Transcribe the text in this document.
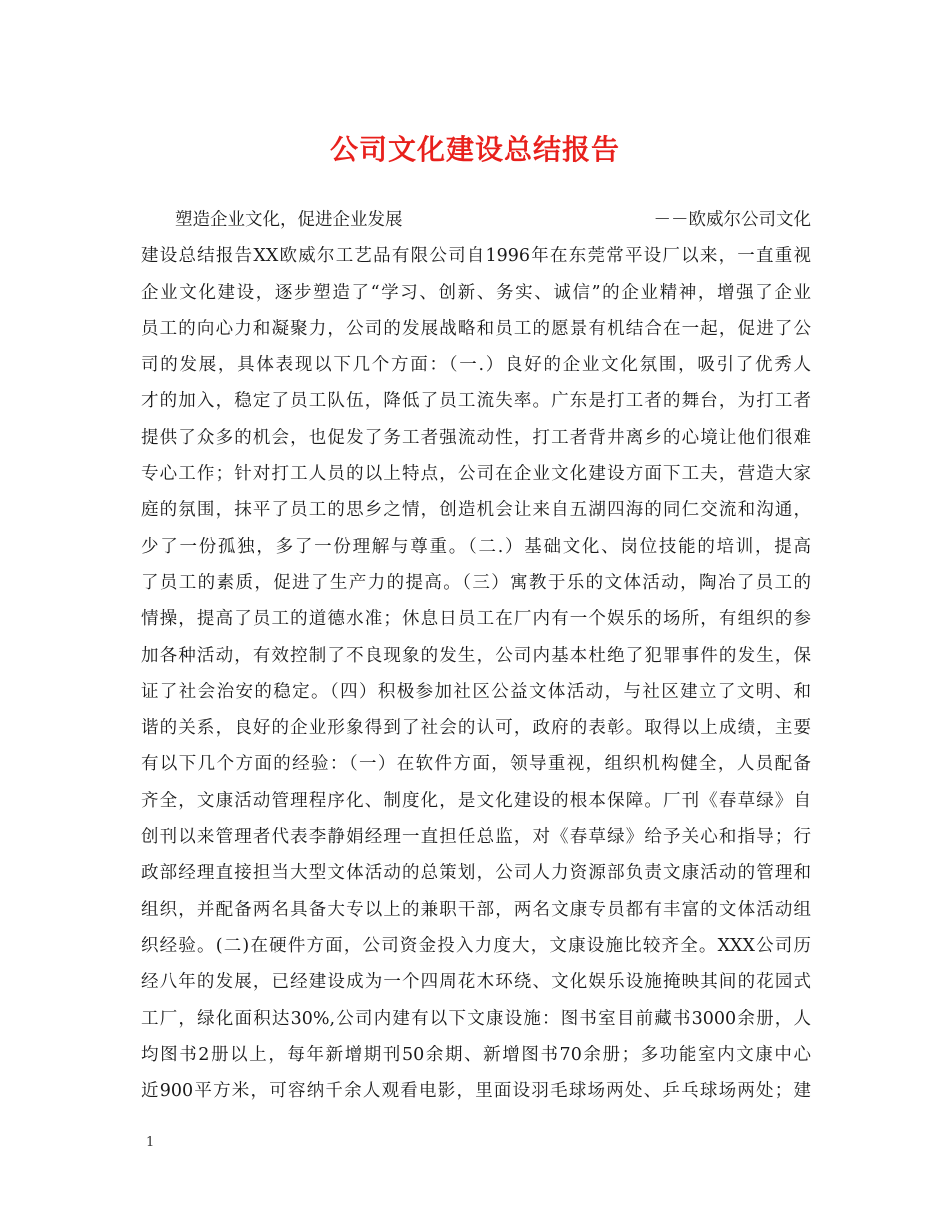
公司文化建设总结报告
塑造企业文化，促进企业发展	－－欧威尔公司文化
建设总结报告XX欧威尔工艺品有限公司自1996年在东莞常平设厂以来，一直重视
企业文化建设，逐步塑造了“学习、创新、务实、诚信”的企业精神，增强了企业
员工的向心力和凝聚力，公司的发展战略和员工的愿景有机结合在一起，促进了公
司的发展，具体表现以下几个方面：（一.）良好的企业文化氛围，吸引了优秀人
才的加入，稳定了员工队伍，降低了员工流失率。广东是打工者的舞台，为打工者
提供了众多的机会，也促发了务工者强流动性，打工者背井离乡的心境让他们很难
专心工作；针对打工人员的以上特点，公司在企业文化建设方面下工夫，营造大家
庭的氛围，抹平了员工的思乡之情，创造机会让来自五湖四海的同仁交流和沟通，
少了一份孤独，多了一份理解与尊重。（二.）基础文化、岗位技能的培训，提高
了员工的素质，促进了生产力的提高。（三）寓教于乐的文体活动，陶冶了员工的
情操，提高了员工的道德水准；休息日员工在厂内有一个娱乐的场所，有组织的参
加各种活动，有效控制了不良现象的发生，公司内基本杜绝了犯罪事件的发生，保
证了社会治安的稳定。（四）积极参加社区公益文体活动，与社区建立了文明、和
谐的关系，良好的企业形象得到了社会的认可，政府的表彰。取得以上成绩，主要
有以下几个方面的经验：（一）在软件方面，领导重视，组织机构健全，人员配备
齐全，文康活动管理程序化、制度化，是文化建设的根本保障。厂刊《春草绿》自
创刊以来管理者代表李静娟经理一直担任总监，对《春草绿》给予关心和指导；行
政部经理直接担当大型文体活动的总策划，公司人力资源部负责文康活动的管理和
组织，并配备两名具备大专以上的兼职干部，两名文康专员都有丰富的文体活动组
织经验。(二)在硬件方面，公司资金投入力度大，文康设施比较齐全。XXX公司历
经八年的发展，已经建设成为一个四周花木环绕、文化娱乐设施掩映其间的花园式
工厂，绿化面积达30%,公司内建有以下文康设施：图书室目前藏书3000余册，人
均图书2册以上，每年新增期刊50余期、新增图书70余册；多功能室内文康中心
近900平方米，可容纳千余人观看电影，里面设羽毛球场两处、乒乓球场两处；建
1
